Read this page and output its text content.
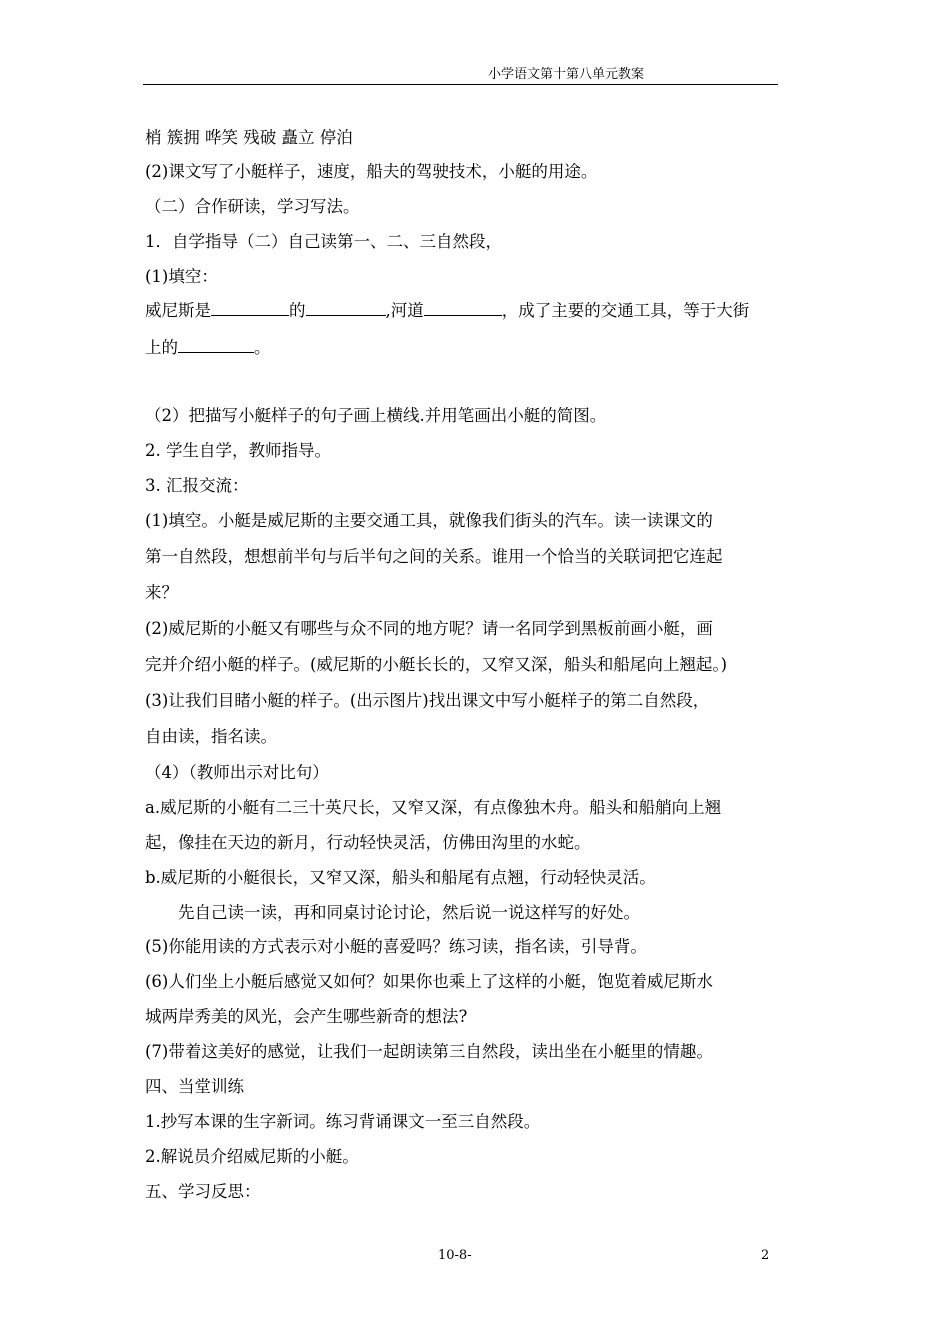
小学语文第十第八单元教案
梢 簇拥 哗笑 残破 矗立 停泊
(2)课文写了小艇样子，速度，船夫的驾驶技术，小艇的用途。
（二）合作研读，学习写法。
1．自学指导（二）自己读第一、二、三自然段，
(1)填空：
威尼斯是	的	,河道	，成了主要的交通工具，等于大街
上的	。
（2）把描写小艇样子的句子画上横线.并用笔画出小艇的简图。
2. 学生自学，教师指导。
3. 汇报交流：
(1)填空。小艇是威尼斯的主要交通工具，就像我们街头的汽车。读一读课文的
第一自然段，想想前半句与后半句之间的关系。谁用一个恰当的关联词把它连起
来？
(2)威尼斯的小艇又有哪些与众不同的地方呢？请一名同学到黑板前画小艇，画
完并介绍小艇的样子。(威尼斯的小艇长长的，又窄又深，船头和船尾向上翘起。)
(3)让我们目睹小艇的样子。(出示图片)找出课文中写小艇样子的第二自然段，
自由读，指名读。
（4）（教师出示对比句）
a.威尼斯的小艇有二三十英尺长，又窄又深，有点像独木舟。船头和船艄向上翘
起，像挂在天边的新月，行动轻快灵活，仿佛田沟里的水蛇。
b.威尼斯的小艇很长，又窄又深，船头和船尾有点翘，行动轻快灵活。
先自己读一读，再和同桌讨论讨论，然后说一说这样写的好处。
(5)你能用读的方式表示对小艇的喜爱吗？练习读，指名读，引导背。
(6)人们坐上小艇后感觉又如何？如果你也乘上了这样的小艇，饱览着威尼斯水
城两岸秀美的风光，会产生哪些新奇的想法?
(7)带着这美好的感觉，让我们一起朗读第三自然段，读出坐在小艇里的情趣。
四、当堂训练
1.抄写本课的生字新词。练习背诵课文一至三自然段。
2.解说员介绍威尼斯的小艇。
五、学习反思：
10-8-	2
